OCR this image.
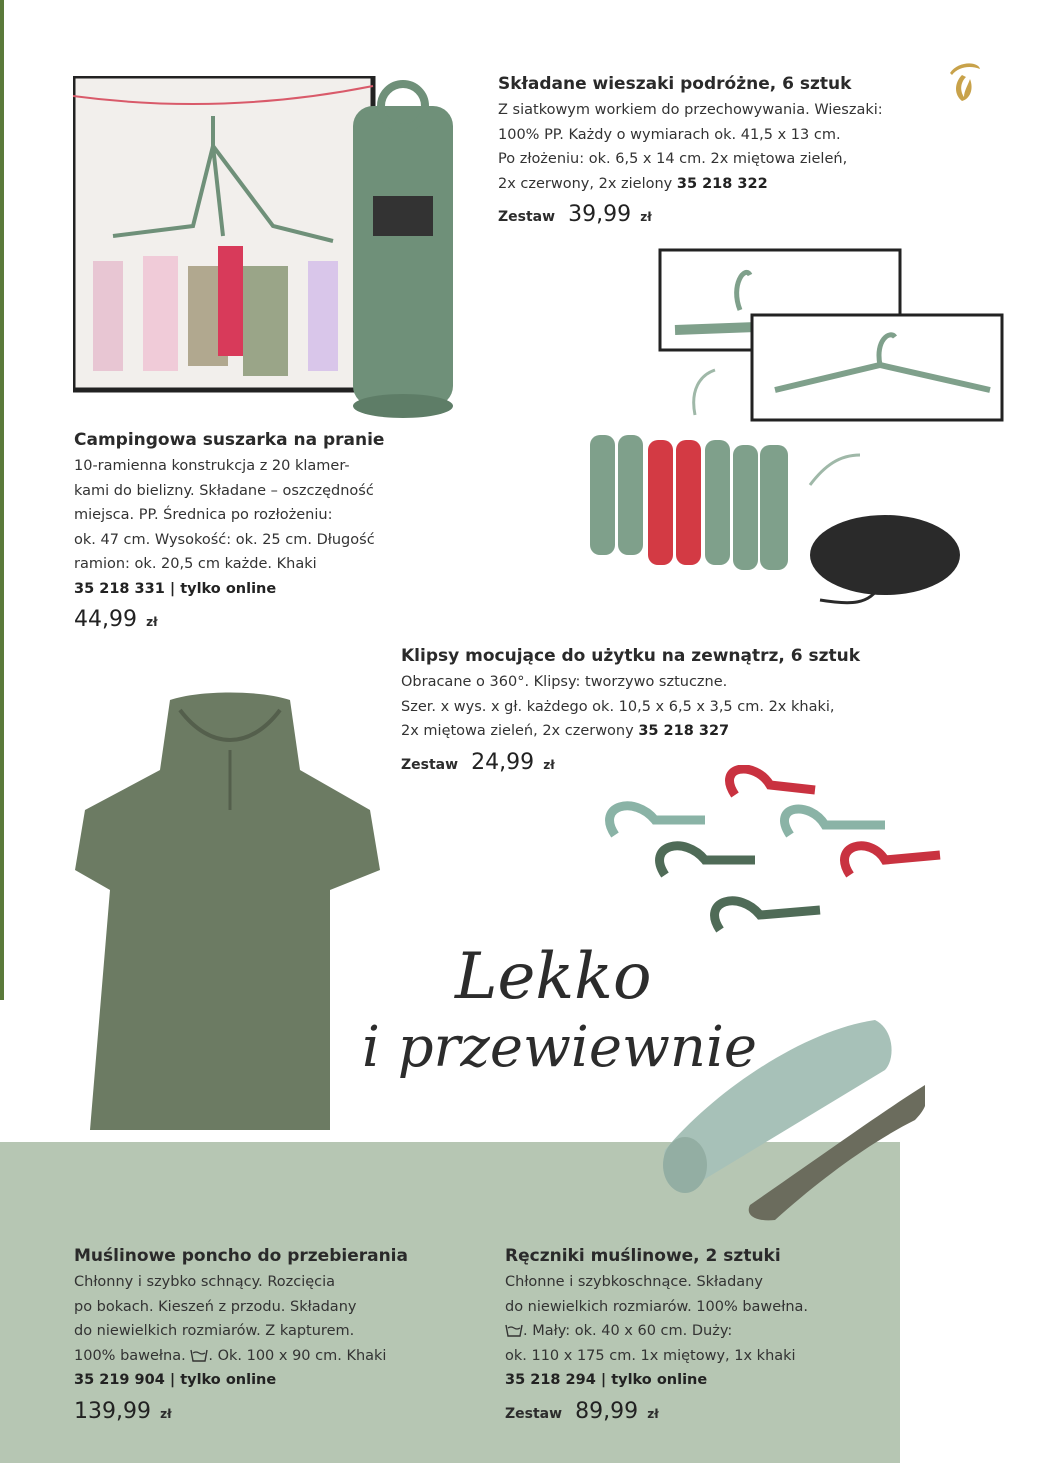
Składane wieszaki podróżne, 6 sztuk

Z siatkowym workiem do przechowywania. Wieszaki:

100% PP. Każdy o wymiarach ok. 41,5 x 13 cm.

Po złożeniu: ok. 6,5 x 14 cm. 2x miętowa zieleń,

2x czerwony, 2x zielony 35 218 322

Zestaw 39,99 zł

Campingowa suszarka na pranie

10-ramienna konstrukcja z 20 klamer-

kami do bielizny. Składane – oszczędność

miejsca. PP. Średnica po rozłożeniu:

ok. 47 cm. Wysokość: ok. 25 cm. Długość

ramion: ok. 20,5 cm każde. Khaki

35 218 331 | tylko online

44,99 zł

Klipsy mocujące do użytku na zewnątrz, 6 sztuk

Obracane o 360°. Klipsy: tworzywo sztuczne.

Szer. x wys. x gł. każdego ok. 10,5 x 6,5 x 3,5 cm. 2x khaki,

2x miętowa zieleń, 2x czerwony 35 218 327

Zestaw 24,99 zł
Lekko
i przewiewnie

Muślinowe poncho do przebierania

Chłonny i szybko schnący. Rozcięcia

po bokach. Kieszeń z przodu. Składany

do niewielkich rozmiarów. Z kapturem.

100% bawełna. . Ok. 100 x 90 cm. Khaki

35 219 904 | tylko online

139,99 zł

Ręczniki muślinowe, 2 sztuki

Chłonne i szybkoschnące. Składany

do niewielkich rozmiarów. 100% bawełna.

. Mały: ok. 40 x 60 cm. Duży:

ok. 110 x 175 cm. 1x miętowy, 1x khaki

35 218 294 | tylko online

Zestaw 89,99 zł
